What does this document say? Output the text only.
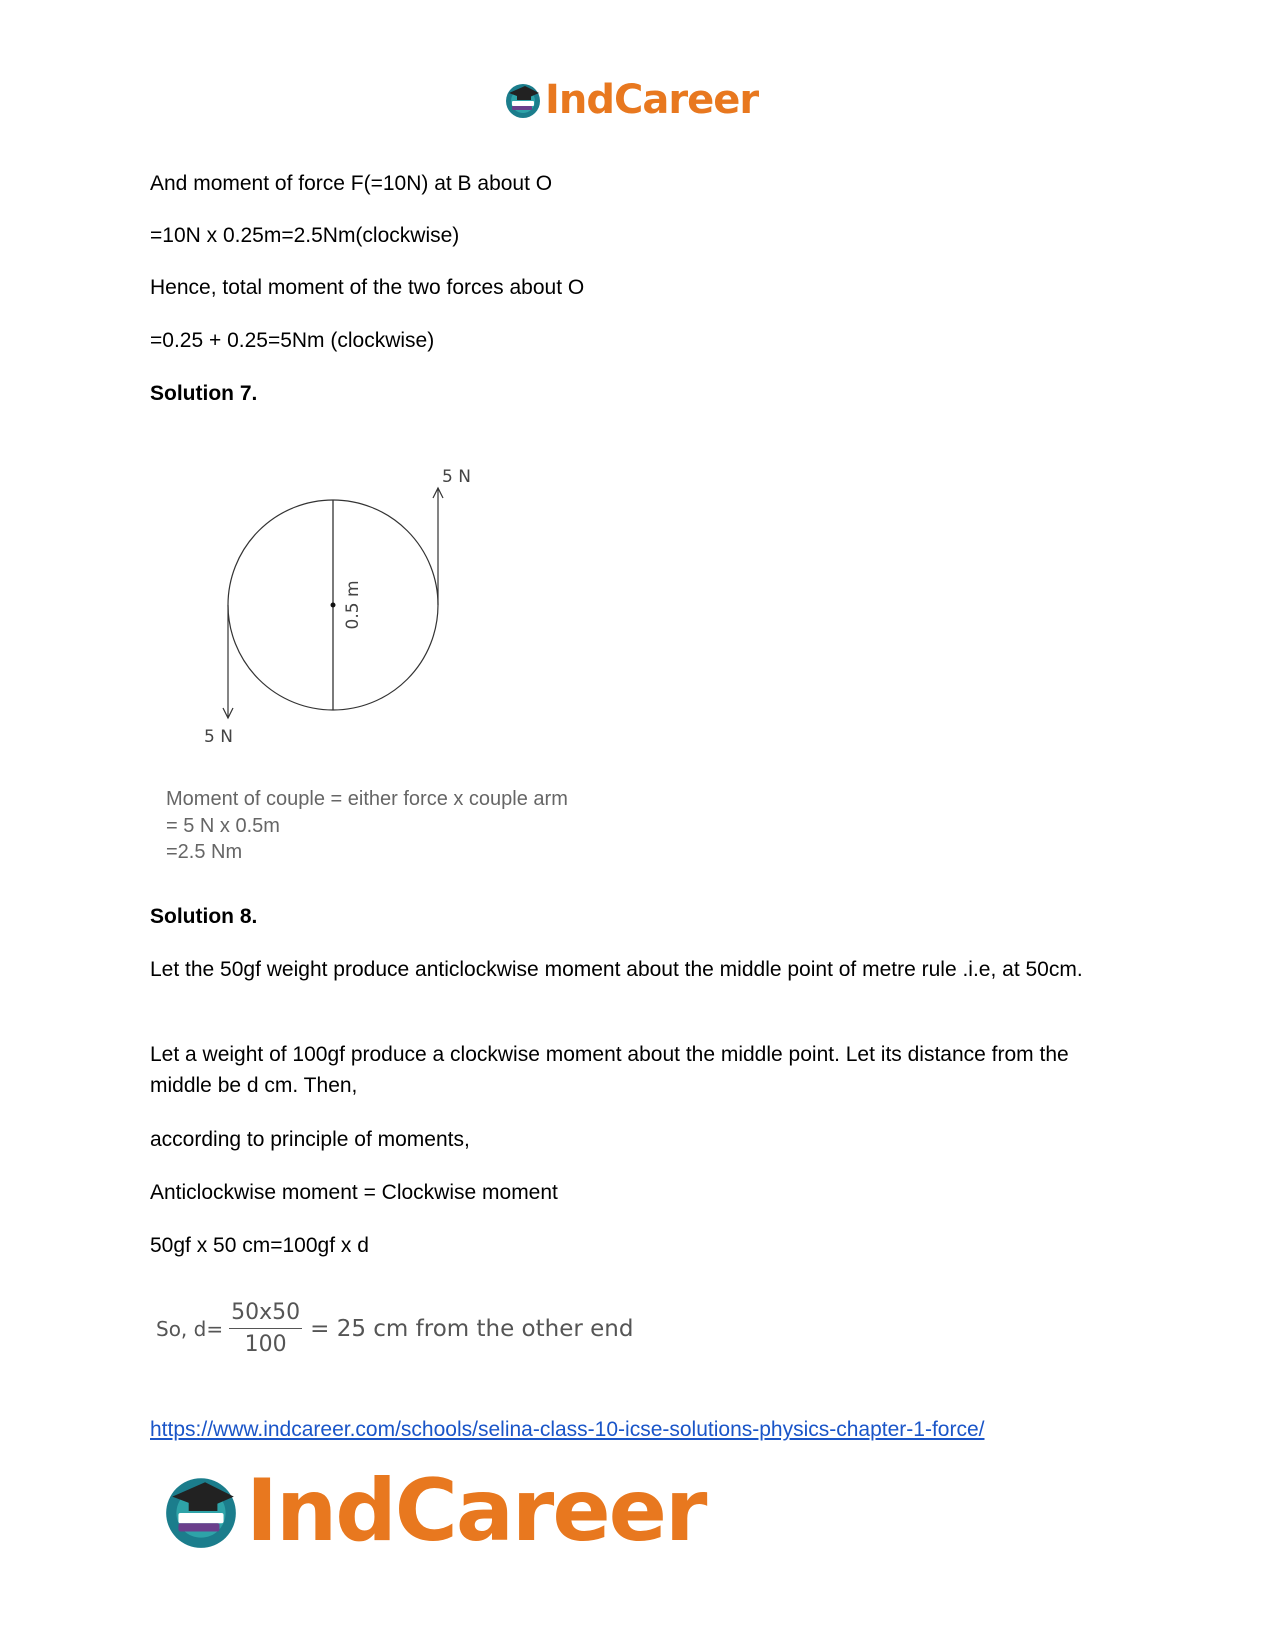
IndCareer

And moment of force F(=10N) at B about O

=10N x 0.25m=2.5Nm(clockwise)

Hence, total moment of the two forces about O

=0.25 + 0.25=5Nm (clockwise)

Solution 7.

5 N
5 N
0.5 m
Moment of couple = either force x couple arm
= 5 N x 0.5m
=2.5 Nm

Solution 8.

Let the 50gf weight produce anticlockwise moment about the middle point of metre rule .i.e, at 50cm.

Let a weight of 100gf produce a clockwise moment about the middle point. Let its distance from the middle be d cm. Then,

according to principle of moments,

Anticlockwise moment = Clockwise moment

50gf x 50 cm=100gf x d

So, $d= \frac{50x50}{100} = 25$ cm from the other end
https://www.indcareer.com/schools/selina-class-10-icse-solutions-physics-chapter-1-force/
IndCareer
